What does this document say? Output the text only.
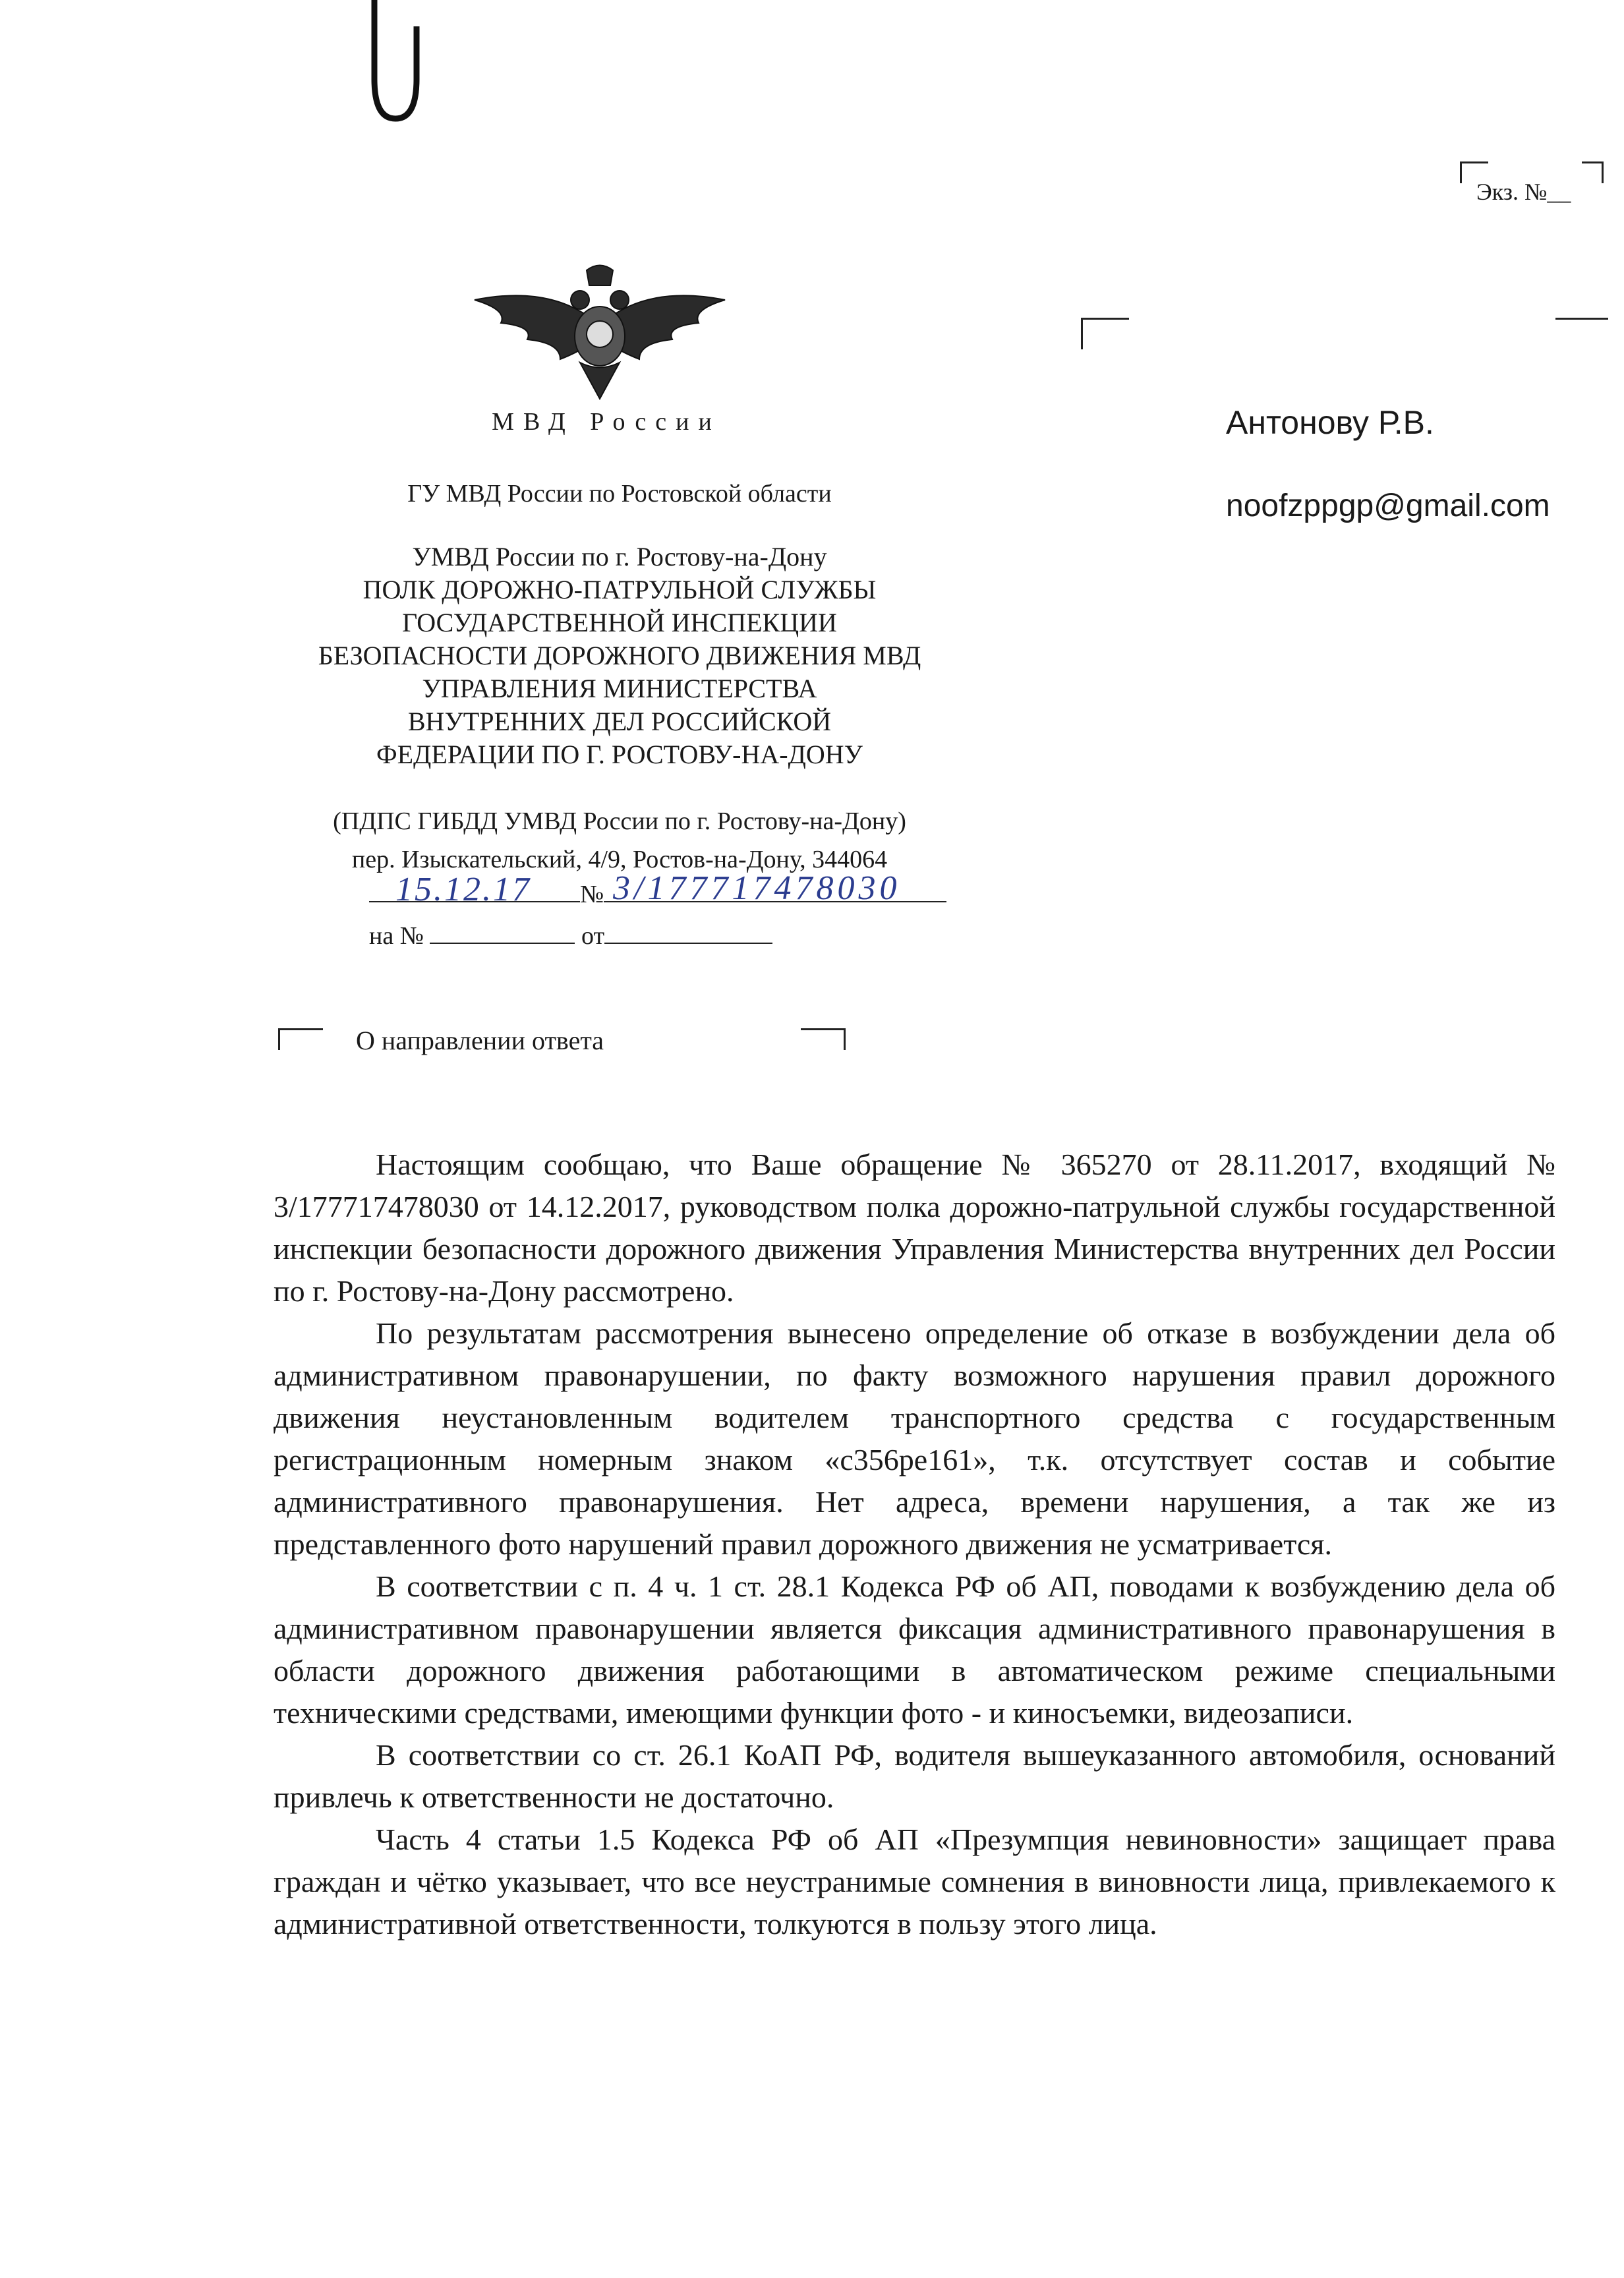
Экз. №__
МВД России
ГУ МВД России по Ростовской области
УМВД России по г. Ростову-на-Дону
ПОЛК ДОРОЖНО-ПАТРУЛЬНОЙ СЛУЖБЫ
ГОСУДАРСТВЕННОЙ ИНСПЕКЦИИ
БЕЗОПАСНОСТИ ДОРОЖНОГО ДВИЖЕНИЯ МВД
УПРАВЛЕНИЯ МИНИСТЕРСТВА
ВНУТРЕННИХ ДЕЛ РОССИЙСКОЙ
ФЕДЕРАЦИИ ПО Г. РОСТОВУ-НА-ДОНУ
(ПДПС ГИБДД УМВД России по г. Ростову-на-Дону)
пер. Изыскательский, 4/9, Ростов-на-Дону, 344064
№
15.12.17 3/177717478030
на №	от
Антонову Р.В.
noofzppgp@gmail.com
О направлении ответа

Настоящим сообщаю, что Ваше обращение № 365270 от 28.11.2017, входящий № 3/177717478030 от 14.12.2017, руководством полка дорожно-патрульной службы государственной инспекции безопасности дорожного движения Управления Министерства внутренних дел России по г. Ростову-на-Дону рассмотрено.

По результатам рассмотрения вынесено определение об отказе в возбуждении дела об административном правонарушении, по факту возможного нарушения правил дорожного движения неустановленным водителем транспортного средства с государственным регистрационным номерным знаком «с356ре161», т.к. отсутствует состав и событие административного правонарушения. Нет адреса, времени нарушения, а так же из представленного фото нарушений правил дорожного движения не усматривается.

В соответствии с п. 4 ч. 1 ст. 28.1 Кодекса РФ об АП, поводами к возбуждению дела об административном правонарушении является фиксация административного правонарушения в области дорожного движения работающими в автоматическом режиме специальными техническими средствами, имеющими функции фото - и киносъемки, видеозаписи.

В соответствии со ст. 26.1 КоАП РФ, водителя вышеуказанного автомобиля, оснований привлечь к ответственности не достаточно.

Часть 4 статьи 1.5 Кодекса РФ об АП «Презумпция невиновности» защищает права граждан и чётко указывает, что все неустранимые сомнения в виновности лица, привлекаемого к административной ответственности, толкуются в пользу этого лица.
